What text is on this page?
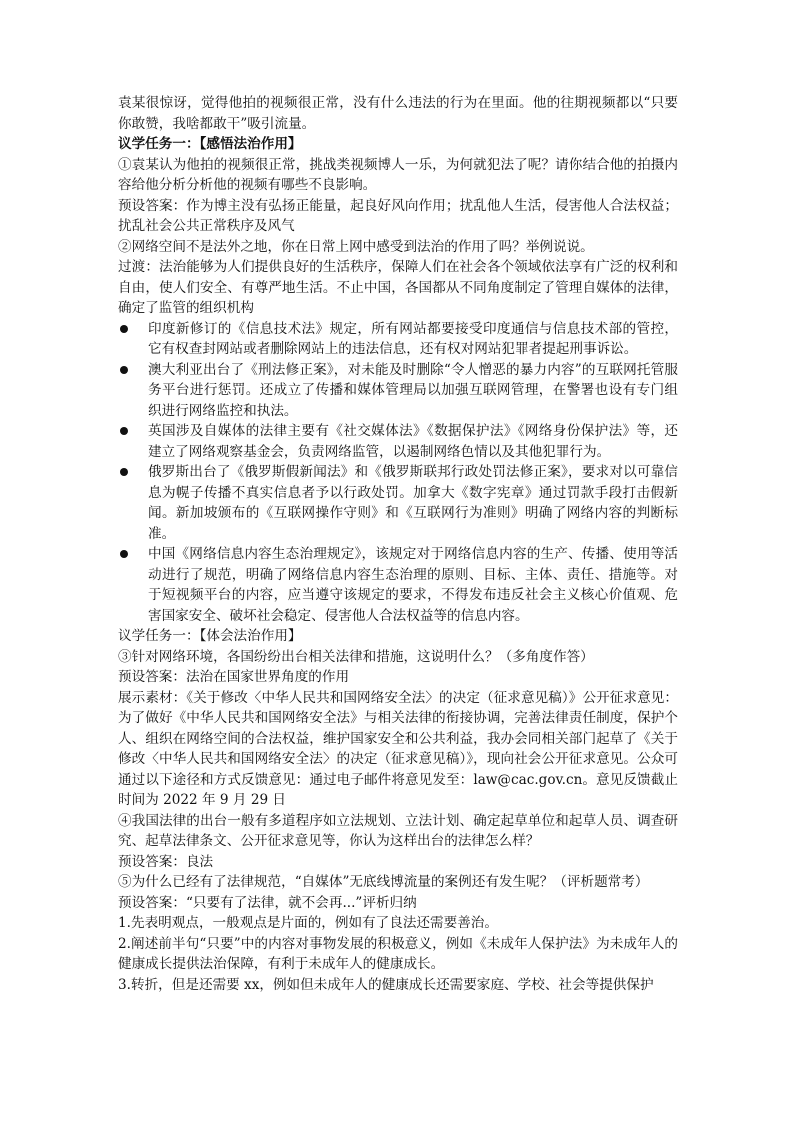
袁某很惊讶，觉得他拍的视频很正常，没有什么违法的行为在里面。他的往期视频都以“只要你敢赞，我啥都敢干”吸引流量。

议学任务一：【感悟法治作用】

①袁某认为他拍的视频很正常，挑战类视频博人一乐，为何就犯法了呢？请你结合他的拍摄内容给他分析分析他的视频有哪些不良影响。

预设答案：作为博主没有弘扬正能量，起良好风向作用；扰乱他人生活，侵害他人合法权益；扰乱社会公共正常秩序及风气

②网络空间不是法外之地，你在日常上网中感受到法治的作用了吗？举例说说。

过渡：法治能够为人们提供良好的生活秩序，保障人们在社会各个领域依法享有广泛的权利和自由，使人们安全、有尊严地生活。不止中国，各国都从不同角度制定了管理自媒体的法律，确定了监管的组织机构

印度新修订的《信息技术法》规定，所有网站都要接受印度通信与信息技术部的管控，它有权查封网站或者删除网站上的违法信息，还有权对网站犯罪者提起刑事诉讼。
澳大利亚出台了《刑法修正案》，对未能及时删除“令人憎恶的暴力内容”的互联网托管服务平台进行惩罚。还成立了传播和媒体管理局以加强互联网管理，在警署也设有专门组织进行网络监控和执法。
英国涉及自媒体的法律主要有《社交媒体法》《数据保护法》《网络身份保护法》等，还建立了网络观察基金会，负责网络监管，以遏制网络色情以及其他犯罪行为。
俄罗斯出台了《俄罗斯假新闻法》和《俄罗斯联邦行政处罚法修正案》，要求对以可靠信息为幌子传播不真实信息者予以行政处罚。加拿大《数字宪章》通过罚款手段打击假新闻。新加坡颁布的《互联网操作守则》和《互联网行为准则》明确了网络内容的判断标准。
中国《网络信息内容生态治理规定》，该规定对于网络信息内容的生产、传播、使用等活动进行了规范，明确了网络信息内容生态治理的原则、目标、主体、责任、措施等。对于短视频平台的内容，应当遵守该规定的要求，不得发布违反社会主义核心价值观、危害国家安全、破坏社会稳定、侵害他人合法权益等的信息内容。

议学任务一：【体会法治作用】

③针对网络环境，各国纷纷出台相关法律和措施，这说明什么？（多角度作答）

预设答案：法治在国家世界角度的作用

展示素材：《关于修改〈中华人民共和国网络安全法〉的决定（征求意见稿）》公开征求意见：为了做好《中华人民共和国网络安全法》与相关法律的衔接协调，完善法律责任制度，保护个人、组织在网络空间的合法权益，维护国家安全和公共利益，我办会同相关部门起草了《关于修改〈中华人民共和国网络安全法〉的决定（征求意见稿）》，现向社会公开征求意见。公众可通过以下途径和方式反馈意见：通过电子邮件将意见发至：law@cac.gov.cn。意见反馈截止时间为 2022 年 9 月 29 日

④我国法律的出台一般有多道程序如立法规划、立法计划、确定起草单位和起草人员、调查研究、起草法律条文、公开征求意见等，你认为这样出台的法律怎么样？

预设答案：良法

⑤为什么已经有了法律规范，“自媒体”无底线博流量的案例还有发生呢？（评析题常考）

预设答案：“只要有了法律，就不会再...”评析归纳

1.先表明观点，一般观点是片面的，例如有了良法还需要善治。

2.阐述前半句“只要”中的内容对事物发展的积极意义，例如《未成年人保护法》为未成年人的健康成长提供法治保障，有利于未成年人的健康成长。

3.转折，但是还需要 xx，例如但未成年人的健康成长还需要家庭、学校、社会等提供保护
